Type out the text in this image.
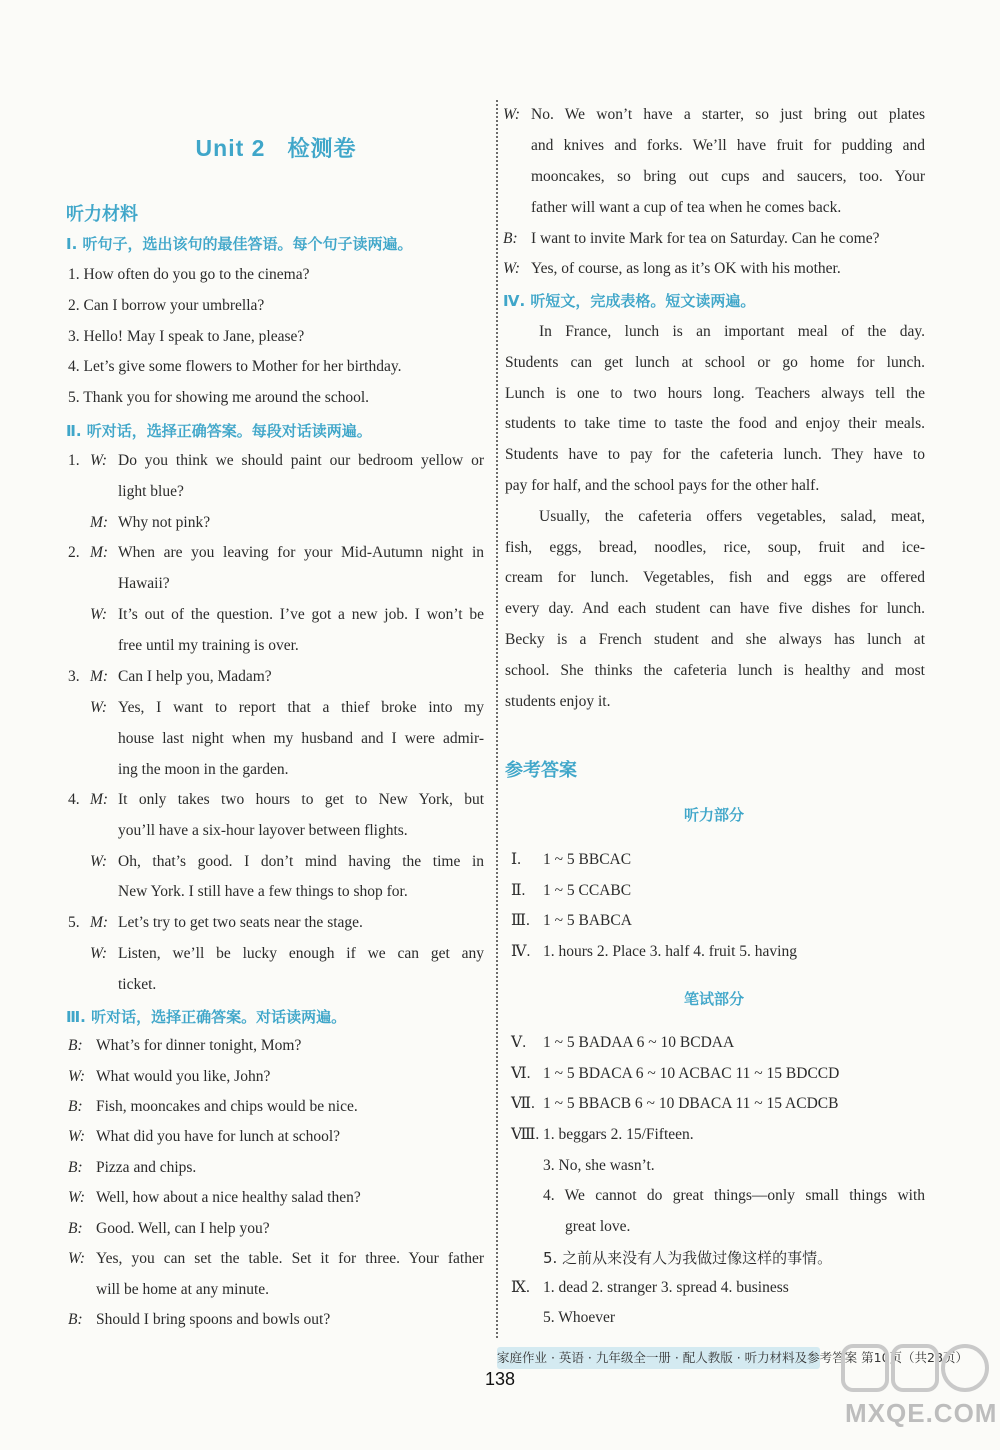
Unit 2 检测卷
听力材料
Ⅰ. 听句子，选出该句的最佳答语。每个句子读两遍。
1. How often do you go to the cinema?
2. Can I borrow your umbrella?
3. Hello! May I speak to Jane, please?
4. Let’s give some flowers to Mother for her birthday.
5. Thank you for showing me around the school.
Ⅱ. 听对话，选择正确答案。每段对话读两遍。
1. W: Do you think we should paint our bedroom yellow or
light blue?
M: Why not pink?
2. M: When are you leaving for your Mid-Autumn night in
Hawaii?
W: It’s out of the question. I’ve got a new job. I won’t be
free until my training is over.
3. M: Can I help you, Madam?
W: Yes, I want to report that a thief broke into my
house last night when my husband and I were admir-
ing the moon in the garden.
4. M: It only takes two hours to get to New York, but
you’ll have a six-hour layover between flights.
W: Oh, that’s good. I don’t mind having the time in
New York. I still have a few things to shop for.
5. M: Let’s try to get two seats near the stage.
W: Listen, we’ll be lucky enough if we can get any
ticket.
Ⅲ. 听对话，选择正确答案。对话读两遍。
B: What’s for dinner tonight, Mom?
W: What would you like, John?
B: Fish, mooncakes and chips would be nice.
W: What did you have for lunch at school?
B: Pizza and chips.
W: Well, how about a nice healthy salad then?
B: Good. Well, can I help you?
W: Yes, you can set the table. Set it for three. Your father
will be home at any minute.
B: Should I bring spoons and bowls out?
W: No. We won’t have a starter, so just bring out plates
and knives and forks. We’ll have fruit for pudding and
mooncakes, so bring out cups and saucers, too. Your
father will want a cup of tea when he comes back.
B: I want to invite Mark for tea on Saturday. Can he come?
W: Yes, of course, as long as it’s OK with his mother.
Ⅳ. 听短文，完成表格。短文读两遍。
In France, lunch is an important meal of the day.
Students can get lunch at school or go home for lunch.
Lunch is one to two hours long. Teachers always tell the
students to take time to taste the food and enjoy their meals.
Students have to pay for the cafeteria lunch. They have to
pay for half, and the school pays for the other half.
Usually, the cafeteria offers vegetables, salad, meat,
fish, eggs, bread, noodles, rice, soup, fruit and ice-
cream for lunch. Vegetables, fish and eggs are offered
every day. And each student can have five dishes for lunch.
Becky is a French student and she always has lunch at
school. She thinks the cafeteria lunch is healthy and most
students enjoy it.
参考答案
听力部分
Ⅰ. 1 ~ 5 BBCAC
Ⅱ. 1 ~ 5 CCABC
Ⅲ. 1 ~ 5 BABCA
Ⅳ. 1. hours 2. Place 3. half 4. fruit 5. having
笔试部分
Ⅴ. 1 ~ 5 BADAA 6 ~ 10 BCDAA
Ⅵ. 1 ~ 5 BDACA 6 ~ 10 ACBAC 11 ~ 15 BDCCD
Ⅶ. 1 ~ 5 BBACB 6 ~ 10 DBACA 11 ~ 15 ACDCB
Ⅷ. 1. beggars 2. 15/Fifteen.
3. No, she wasn’t.
4. We cannot do great things—only small things with
great love.
5. 之前从来没有人为我做过像这样的事情。
Ⅸ. 1. dead 2. stranger 3. spread 4. business
5. Whoever
家庭作业 · 英语 · 九年级全一册 · 配人教版 · 听力材料及参考答案 第10页（共28页）
138
MXQE.COM
